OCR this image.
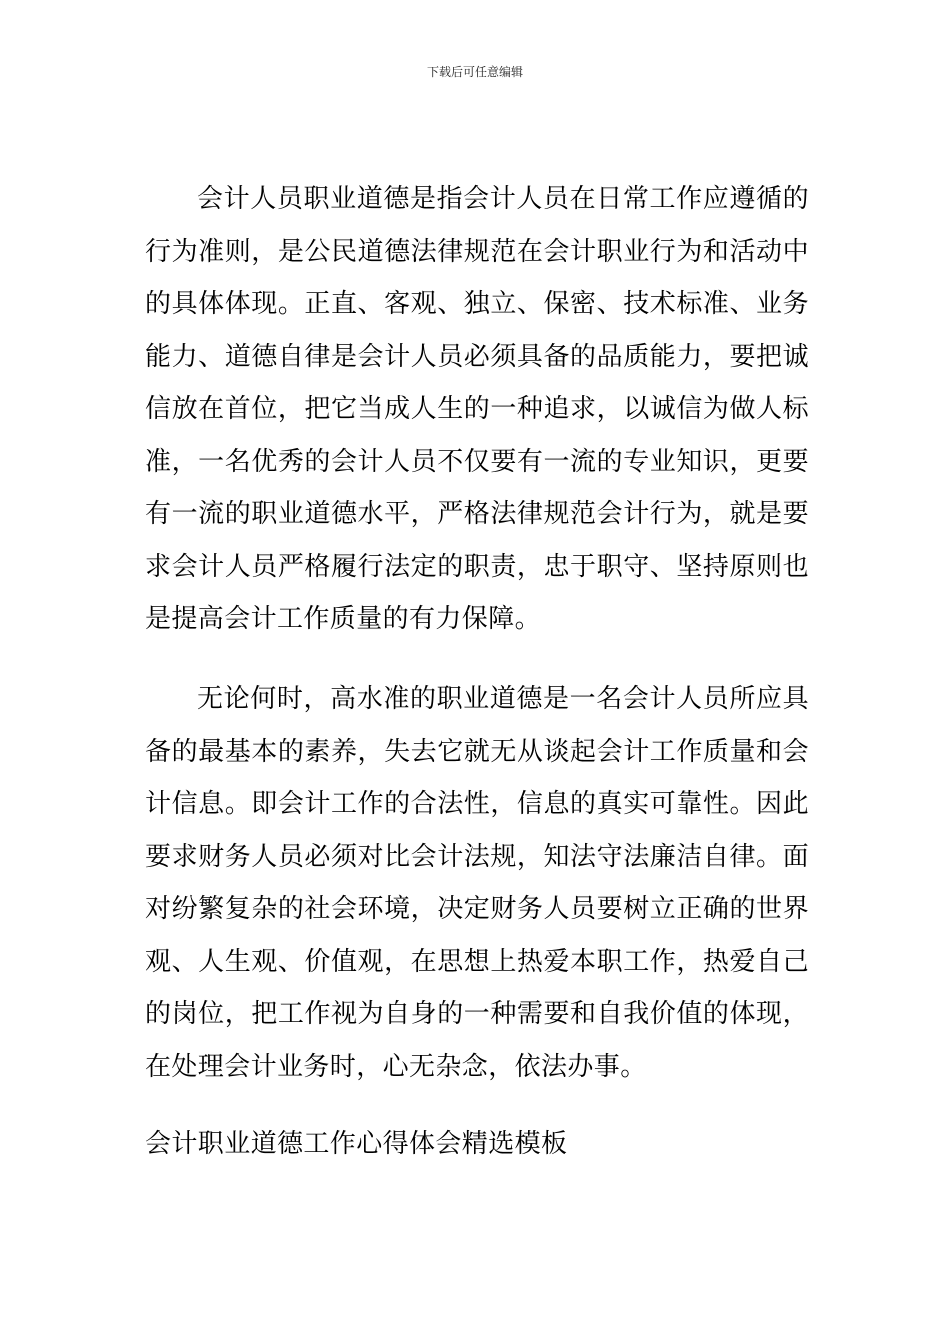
下载后可任意编辑

会计人员职业道德是指会计人员在日常工作应遵循的行为准则，是公民道德法律规范在会计职业行为和活动中的具体体现。正直、客观、独立、保密、技术标准、业务能力、道德自律是会计人员必须具备的品质能力，要把诚信放在首位，把它当成人生的一种追求，以诚信为做人标准，一名优秀的会计人员不仅要有一流的专业知识，更要有一流的职业道德水平，严格法律规范会计行为，就是要求会计人员严格履行法定的职责，忠于职守、坚持原则也是提高会计工作质量的有力保障。

无论何时，高水准的职业道德是一名会计人员所应具备的最基本的素养，失去它就无从谈起会计工作质量和会计信息。即会计工作的合法性，信息的真实可靠性。因此要求财务人员必须对比会计法规，知法守法廉洁自律。面对纷繁复杂的社会环境，决定财务人员要树立正确的世界观、人生观、价值观，在思想上热爱本职工作，热爱自己的岗位，把工作视为自身的一种需要和自我价值的体现，在处理会计业务时，心无杂念，依法办事。

会计职业道德工作心得体会精选模板
